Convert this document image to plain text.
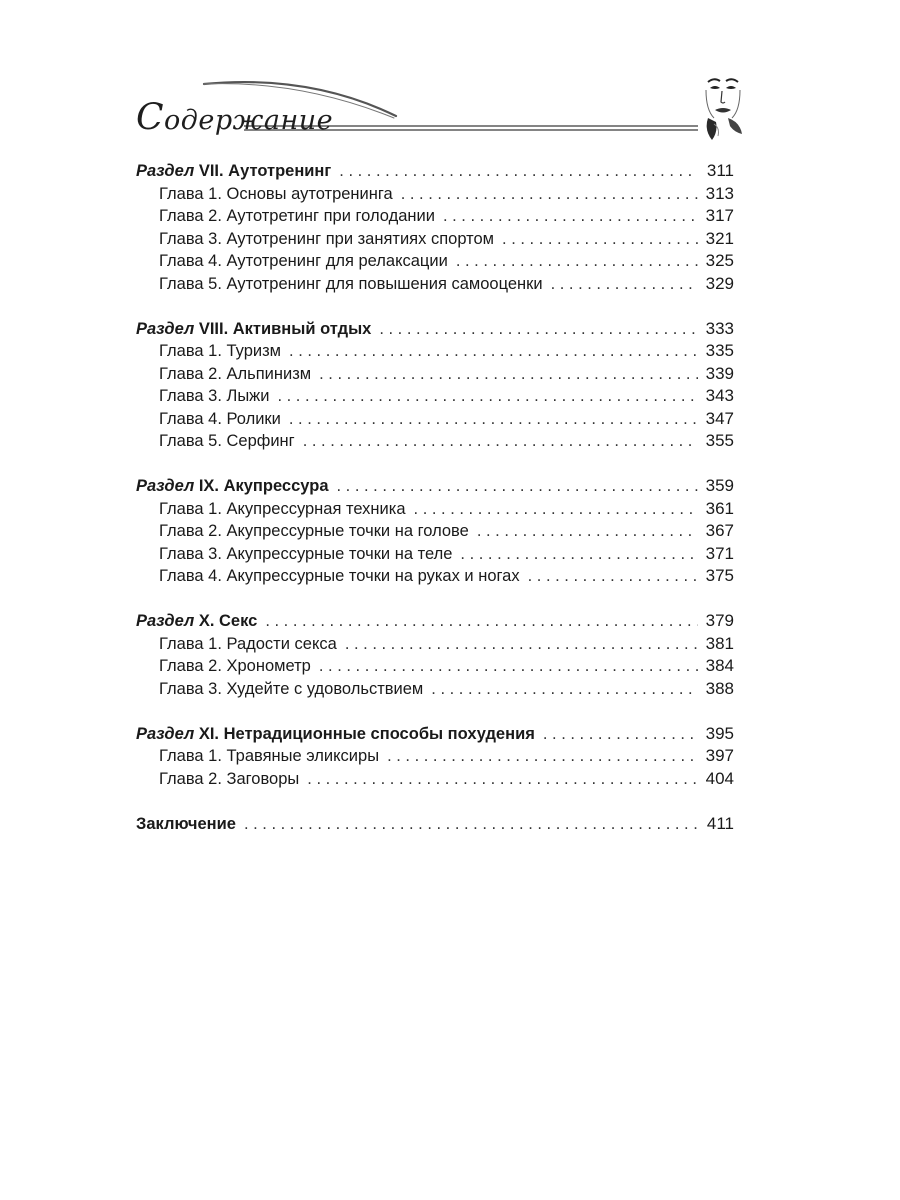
Содержание
Раздел VII. Аутотренинг . . .	311
Глава 1. Основы аутотренинга . . .	313
Глава 2. Аутотретинг при голодании . . .	317
Глава 3. Аутотренинг при занятиях спортом . . .	321
Глава 4. Аутотренинг для релаксации . . .	325
Глава 5. Аутотренинг для повышения самооценки . . .	329
Раздел VIII. Активный отдых . . .	333
Глава 1. Туризм . . .	335
Глава 2. Альпинизм . . .	339
Глава 3. Лыжи . . .	343
Глава 4. Ролики . . .	347
Глава 5. Серфинг . . .	355
Раздел IX. Акупрессура . . .	359
Глава 1. Акупрессурная техника . . .	361
Глава 2. Акупрессурные точки на голове . . .	367
Глава 3. Акупрессурные точки на теле . . .	371
Глава 4. Акупрессурные точки на руках и ногах . . .	375
Раздел X. Секс . . .	379
Глава 1. Радости секса . . .	381
Глава 2. Хронометр . . .	384
Глава 3. Худейте с удовольствием . . .	388
Раздел XI. Нетрадиционные способы похудения . . .	395
Глава 1. Травяные эликсиры . . .	397
Глава 2. Заговоры . . .	404
Заключение . . .	411
